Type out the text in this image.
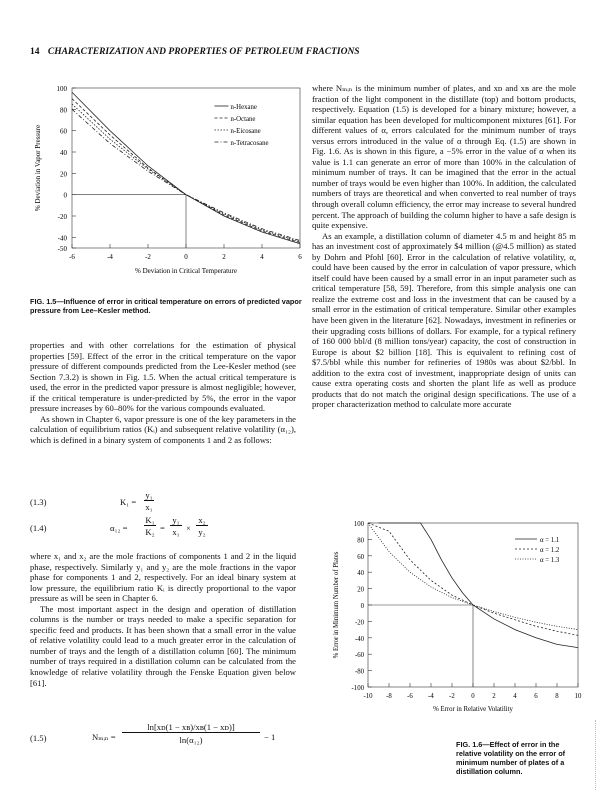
14 CHARACTERIZATION AND PROPERTIES OF PETROLEUM FRACTIONS
100
80
60
40
20
0
-20
-40
-50
-6	-4	-2	0	2	4	6
% Deviation in Critical Temperature
% Deviation in Vapor Pressure
n-Hexane
n-Octane
n-Eicosane
n-Tetracosane
FIG. 1.5—Influence of error in critical temperature on errors of predicted vapor pressure from Lee–Kesler method.

properties and with other correlations for the estimation of physical properties [59]. Effect of the error in the critical temperature on the vapor pressure of different compounds predicted from the Lee-Kesler method (see Section 7.3.2) is shown in Fig. 1.5. When the actual critical temperature is used, the error in the predicted vapor pressure is almost negligible; however, if the critical temperature is under-predicted by 5%, the error in the vapor pressure increases by 60–80% for the various compounds evaluated.

As shown in Chapter 6, vapor pressure is one of the key parameters in the calculation of equilibrium ratios (Kᵢ) and subsequent relative volatility (α₁₂), which is defined in a binary system of components 1 and 2 as follows:

(1.3)	K₁ =
y₁
x₁
(1.4)	α₁₂ =
K₁
K₂ =
y₁
x₁ ×
x₂
y₂

where x₁ and x₂ are the mole fractions of components 1 and 2 in the liquid phase, respectively. Similarly y₁ and y₂ are the mole fractions in the vapor phase for components 1 and 2, respectively. For an ideal binary system at low pressure, the equilibrium ratio Kᵢ is directly proportional to the vapor pressure as will be seen in Chapter 6.

The most important aspect in the design and operation of distillation columns is the number or trays needed to make a specific separation for specific feed and products. It has been shown that a small error in the value of relative volatility could lead to a much greater error in the calculation of number of trays and the length of a distillation column [60]. The minimum number of trays required in a distillation column can be calculated from the knowledge of relative volatility through the Fenske Equation given below [61].

(1.5)	Nₘᵢₙ =
ln[xᴅ(1 − xʙ)/xʙ(1 − xᴅ)]
ln(α₁₂)	− 1

where Nₘᵢₙ is the minimum number of plates, and xᴅ and xʙ are the mole fraction of the light component in the distillate (top) and bottom products, respectively. Equation (1.5) is developed for a binary mixture; however, a similar equation has been developed for multicomponent mixtures [61]. For different values of α, errors calculated for the minimum number of trays versus errors introduced in the value of α through Eq. (1.5) are shown in Fig. 1.6. As is shown in this figure, a −5% error in the value of α when its value is 1.1 can generate an error of more than 100% in the calculation of minimum number of trays. It can be imagined that the error in the actual number of trays would be even higher than 100%. In addition, the calculated numbers of trays are theoretical and when converted to real number of trays through overall column efficiency, the error may increase to several hundred percent. The approach of building the column higher to have a safe design is quite expensive.

As an example, a distillation column of diameter 4.5 m and height 85 m has an investment cost of approximately $4 million (@4.5 million) as stated by Dohrn and Pfohl [60]. Error in the calculation of relative volatility, α, could have been caused by the error in calculation of vapor pressure, which itself could have been caused by a small error in an input parameter such as critical temperature [58, 59]. Therefore, from this simple analysis one can realize the extreme cost and loss in the investment that can be caused by a small error in the estimation of critical temperature. Similar other examples have been given in the literature [62]. Nowadays, investment in refineries or their upgrading costs billions of dollars. For example, for a typical refinery of 160 000 bbl/d (8 million tons/year) capacity, the cost of construction in Europe is about $2 billion [18]. This is equivalent to refining cost of $7.5/bbl while this number for refineries of 1980s was about $2/bbl. In addition to the extra cost of investment, inappropriate design of units can cause extra operating costs and shorten the plant life as well as produce products that do not match the original design specifications. The use of a proper characterization method to calculate more accurate

100
80
60
40
20
0
-20
-40
-60
-80
-100
-10 -8 -6 -4 -2 0	2	4	6	8 10
% Error in Relative Volatility
% Error in Minimum Number of Plates
α = 1.1
α = 1.2
α = 1.3
FIG. 1.6—Effect of error in the relative volatility on the error of minimum number of plates of a distillation column.
